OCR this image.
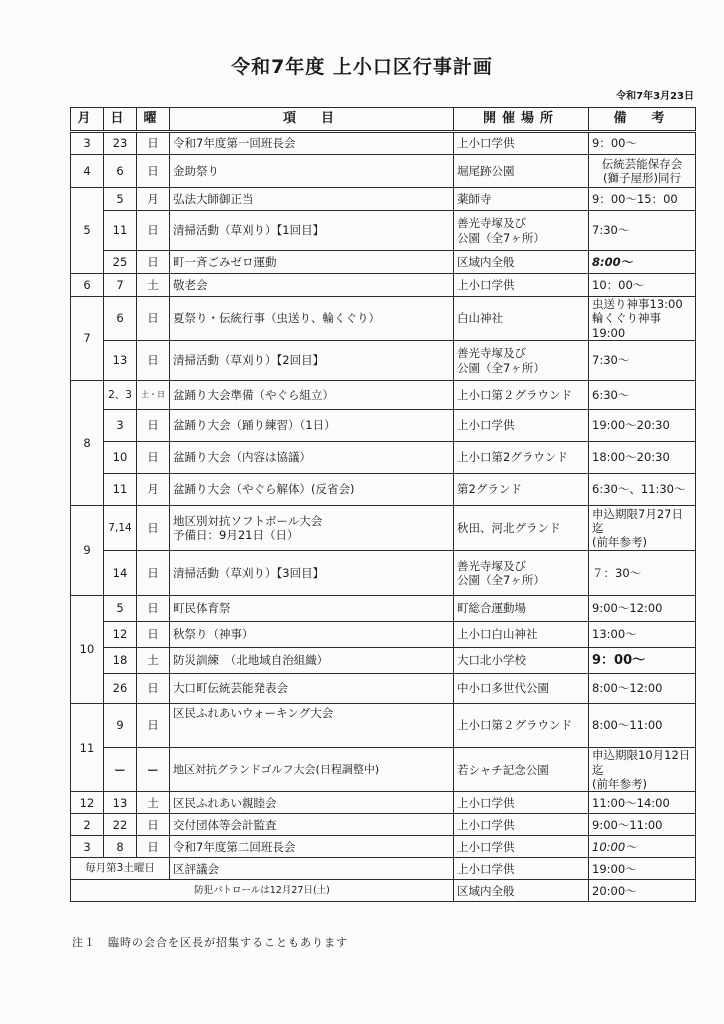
令和7年度 上小口区行事計画
令和7年3月23日
月	日	曜	項　目	開催場所	備　考
3	23	日	令和7年度第一回班長会	上小口学供	9：00〜
4	6	日	金助祭り	堀尾跡公園	伝統芸能保存会
(獅子屋形)同行

5	5	月	弘法大師御正当	薬師寺	9：00〜15：00
	11	日	清掃活動（草刈り）【1回目】	善光寺塚及び
公園（全7ヶ所）	7:30〜
	25	日	町一斉ごみゼロ運動	区域内全般	8:00〜
6	7	土	敬老会	上小口学供	10：00〜
7	6	日	夏祭り・伝統行事（虫送り、輪くぐり）	白山神社	虫送り神事13:00
輪くぐり神事19:00

	13	日	清掃活動（草刈り）【2回目】	善光寺塚及び
公園（全7ヶ所）	7:30〜
8	2、3	土・日	盆踊り大会準備（やぐら組立）	上小口第２グラウンド	6:30〜
	3	日	盆踊り大会（踊り練習）（1日）	上小口学供	19:00〜20:30
	10	日	盆踊り大会（内容は協議）	上小口第2グラウンド	18:00〜20:30
	11	月	盆踊り大会（やぐら解体）(反省会)	第2グランド	6:30〜、11:30〜
9	7,14	日	地区別対抗ソフトボール大会
予備日：9月21日（日）	秋田、河北グランド	申込期限7月27日迄
(前年参考)

	14	日	清掃活動（草刈り）【3回目】	善光寺塚及び
公園（全7ヶ所）	７：30〜
10	5	日	町民体育祭	町総合運動場	9:00〜12:00
	12	日	秋祭り（神事）	上小口白山神社	13:00〜
	18	土	防災訓練　（北地域自治組織）	大口北小学校	9：00〜
	26	日	大口町伝統芸能発表会	中小口多世代公園	8:00〜12:00
11	9	日	区民ふれあいウォーキング大会	上小口第２グラウンド	8:00〜11:00
	ー	ー	地区対抗グランドゴルフ大会(日程調整中)	若シャチ記念公園	申込期限10月12日迄
(前年参考)

12	13	土	区民ふれあい親睦会	上小口学供	11:00〜14:00
2	22	日	交付団体等会計監査	上小口学供	9:00〜11:00
3	8	日	令和7年度第二回班長会	上小口学供	10:00〜
毎月第3土曜日			区評議会	上小口学供	19:00〜
防犯パトロールは12月27日(土)				区域内全般	20:00〜
注１　臨時の会合を区長が招集することもあります
